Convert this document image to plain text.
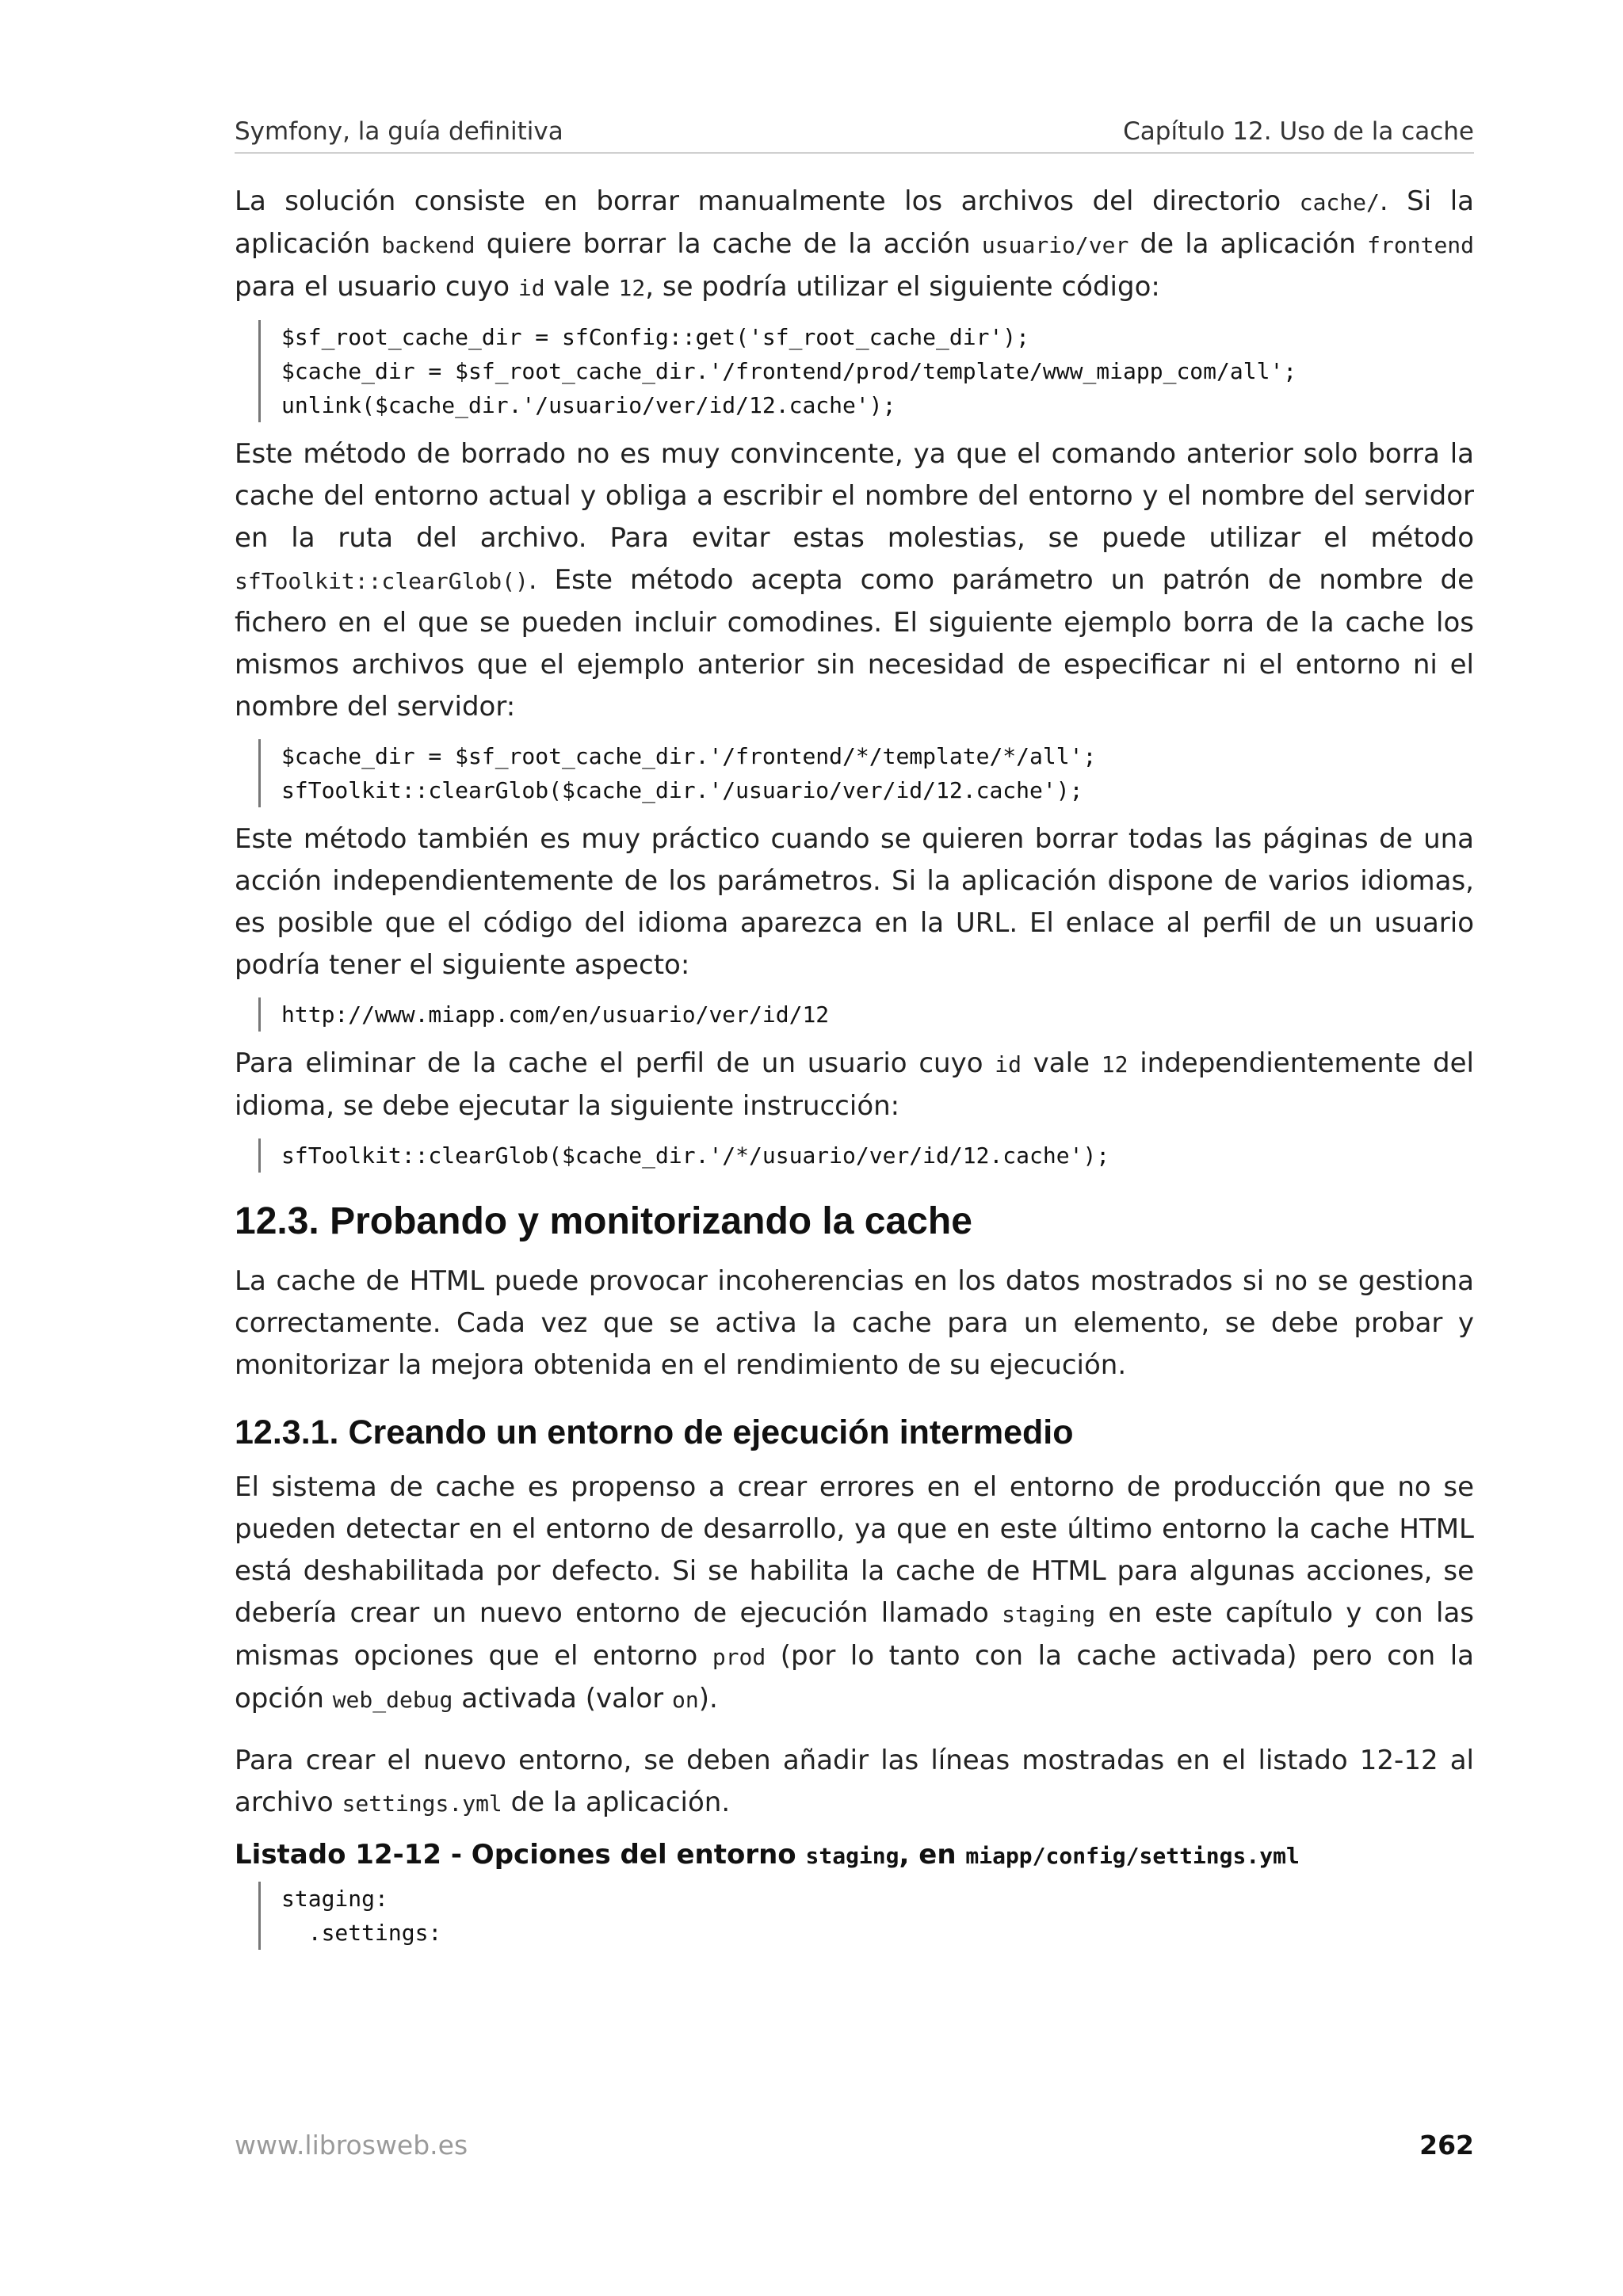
Symfony, la guía definitiva	Capítulo 12. Uso de la cache

La solución consiste en borrar manualmente los archivos del directorio cache/. Si la aplicación backend quiere borrar la cache de la acción usuario/ver de la aplicación frontend para el usuario cuyo id vale 12, se podría utilizar el siguiente código:

$sf_root_cache_dir = sfConfig::get('sf_root_cache_dir');
$cache_dir = $sf_root_cache_dir.'/frontend/prod/template/www_miapp_com/all';
unlink($cache_dir.'/usuario/ver/id/12.cache');

Este método de borrado no es muy convincente, ya que el comando anterior solo borra la cache del entorno actual y obliga a escribir el nombre del entorno y el nombre del servidor en la ruta del archivo. Para evitar estas molestias, se puede utilizar el método sfToolkit::clearGlob(). Este método acepta como parámetro un patrón de nombre de fichero en el que se pueden incluir comodines. El siguiente ejemplo borra de la cache los mismos archivos que el ejemplo anterior sin necesidad de especificar ni el entorno ni el nombre del servidor:

$cache_dir = $sf_root_cache_dir.'/frontend/*/template/*/all';
sfToolkit::clearGlob($cache_dir.'/usuario/ver/id/12.cache');

Este método también es muy práctico cuando se quieren borrar todas las páginas de una acción independientemente de los parámetros. Si la aplicación dispone de varios idiomas, es posible que el código del idioma aparezca en la URL. El enlace al perfil de un usuario podría tener el siguiente aspecto:

http://www.miapp.com/en/usuario/ver/id/12

Para eliminar de la cache el perfil de un usuario cuyo id vale 12 independientemente del idioma, se debe ejecutar la siguiente instrucción:

sfToolkit::clearGlob($cache_dir.'/*/usuario/ver/id/12.cache');
12.3. Probando y monitorizando la cache

La cache de HTML puede provocar incoherencias en los datos mostrados si no se gestiona correctamente. Cada vez que se activa la cache para un elemento, se debe probar y monitorizar la mejora obtenida en el rendimiento de su ejecución.

12.3.1. Creando un entorno de ejecución intermedio

El sistema de cache es propenso a crear errores en el entorno de producción que no se pueden detectar en el entorno de desarrollo, ya que en este último entorno la cache HTML está deshabilitada por defecto. Si se habilita la cache de HTML para algunas acciones, se debería crear un nuevo entorno de ejecución llamado staging en este capítulo y con las mismas opciones que el entorno prod (por lo tanto con la cache activada) pero con la opción web_debug activada (valor on).

Para crear el nuevo entorno, se deben añadir las líneas mostradas en el listado 12-12 al archivo settings.yml de la aplicación.

Listado 12-12 - Opciones del entorno staging, en miapp/config/settings.yml
staging:
.settings:
www.librosweb.es	262
